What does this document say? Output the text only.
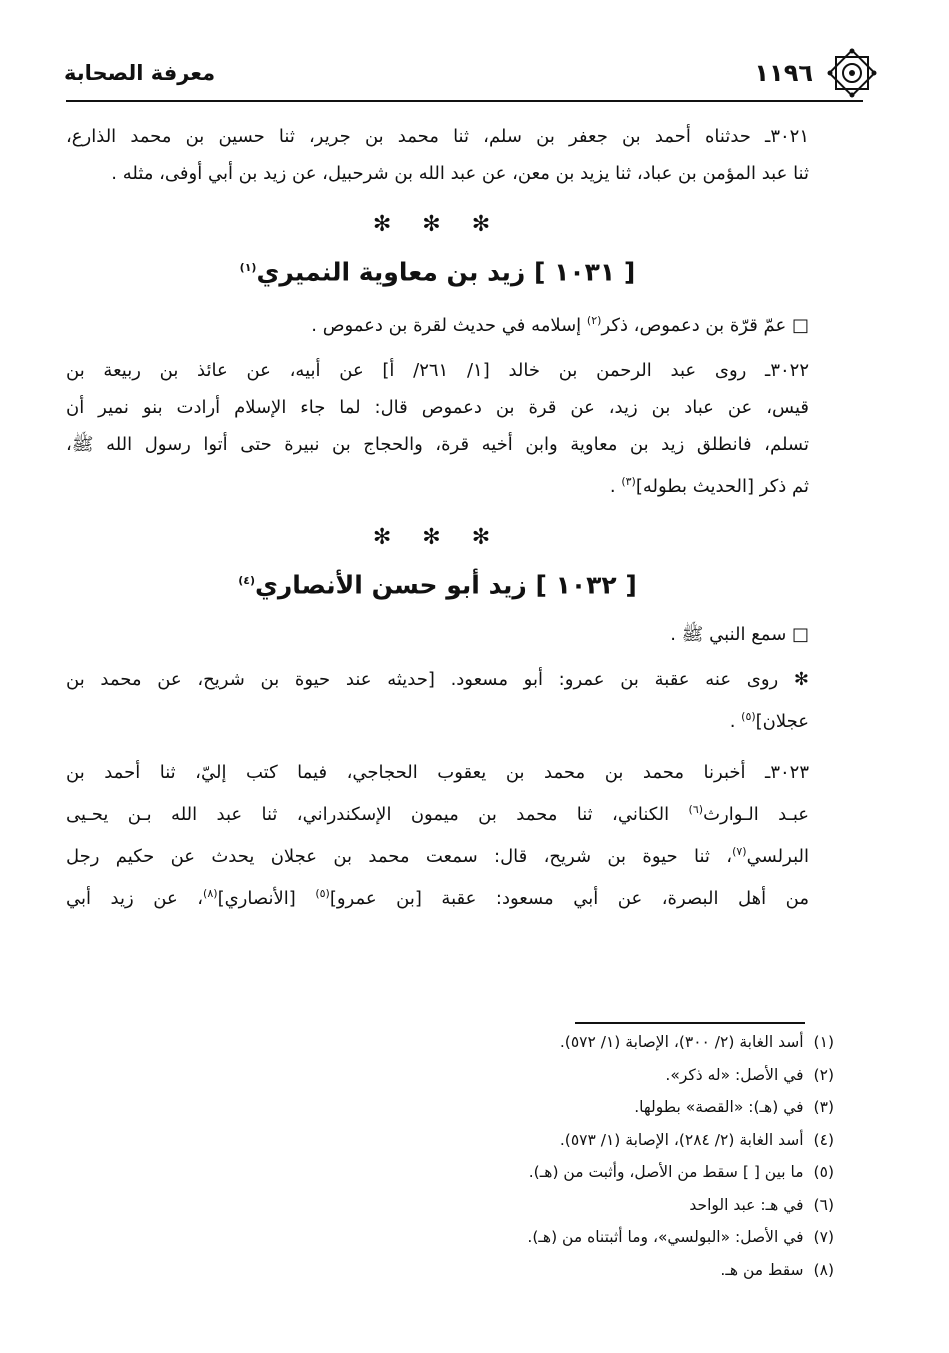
١١٩٦
معرفة الصحابة

٣٠٢١ـ حدثناه أحمد بن جعفر بن سلم، ثنا محمد بن جرير، ثنا حسين بن محمد الذارع،

ثنا عبد المؤمن بن عباد، ثنا يزيد بن معن، عن عبد الله بن شرحبيل، عن زيد بن أبي أوفى، مثله .

✻ ✻ ✻
[ ١٠٣١ ] زيد بن معاوية النميري$^{(١)}$

□ عمّ قرّة بن دعموص، ذكر$^{(٢)}$ إسلامه في حديث لقرة بن دعموص .

٣٠٢٢ـ روى عبد الرحمن بن خالد [١/ ٢٦١/ أ] عن أبيه، عن عائذ بن ربيعة بن

قيس، عن عباد بن زيد، عن قرة بن دعموص قال: لما جاء الإسلام أرادت بنو نمير أن

تسلم، فانطلق زيد بن معاوية وابن أخيه قرة، والحجاج بن نبيرة حتى أتوا رسول الله ﷺ،

ثم ذكر [الحديث بطوله]$^{(٣)}$ .

✻ ✻ ✻
[ ١٠٣٢ ] زيد أبو حسن الأنصاري$^{(٤)}$

□ سمع النبي ﷺ .

✻ روى عنه عقبة بن عمرو: أبو مسعود. [حديثه عند حيوة بن شريح، عن محمد بن

عجلان]$^{(٥)}$ .

٣٠٢٣ـ أخبرنا محمد بن محمد بن يعقوب الحجاجي، فيما كتب إليّ، ثنا أحمد بن

عبـد الـوارث$^{(٦)}$ الكناني، ثنا محمد بن ميمون الإسكندراني، ثنا عبد الله بـن يحـيى

البرلسي$^{(٧)}$، ثنا حيوة بن شريح، قال: سمعت محمد بن عجلان يحدث عن حكيم رجل

من أهل البصرة، عن أبي مسعود: عقبة [بن عمرو]$^{(٥)}$ [الأنصاري]$^{(٨)}$، عن زيد أبي

(١)
أسد الغابة (٢/ ٣٠٠)، الإصابة (١/ ٥٧٢).
(٢)
في الأصل: «له ذكر».
(٣)
في (هـ): «القصة» بطولها.
(٤)
أسد الغابة (٢/ ٢٨٤)، الإصابة (١/ ٥٧٣).
(٥)
ما بين [ ] سقط من الأصل، وأثبت من (هـ).
(٦)
في هـ: عبد الواحد
(٧)
في الأصل: «البولسي»، وما أثبتناه من (هـ).
(٨)
سقط من هـ.
